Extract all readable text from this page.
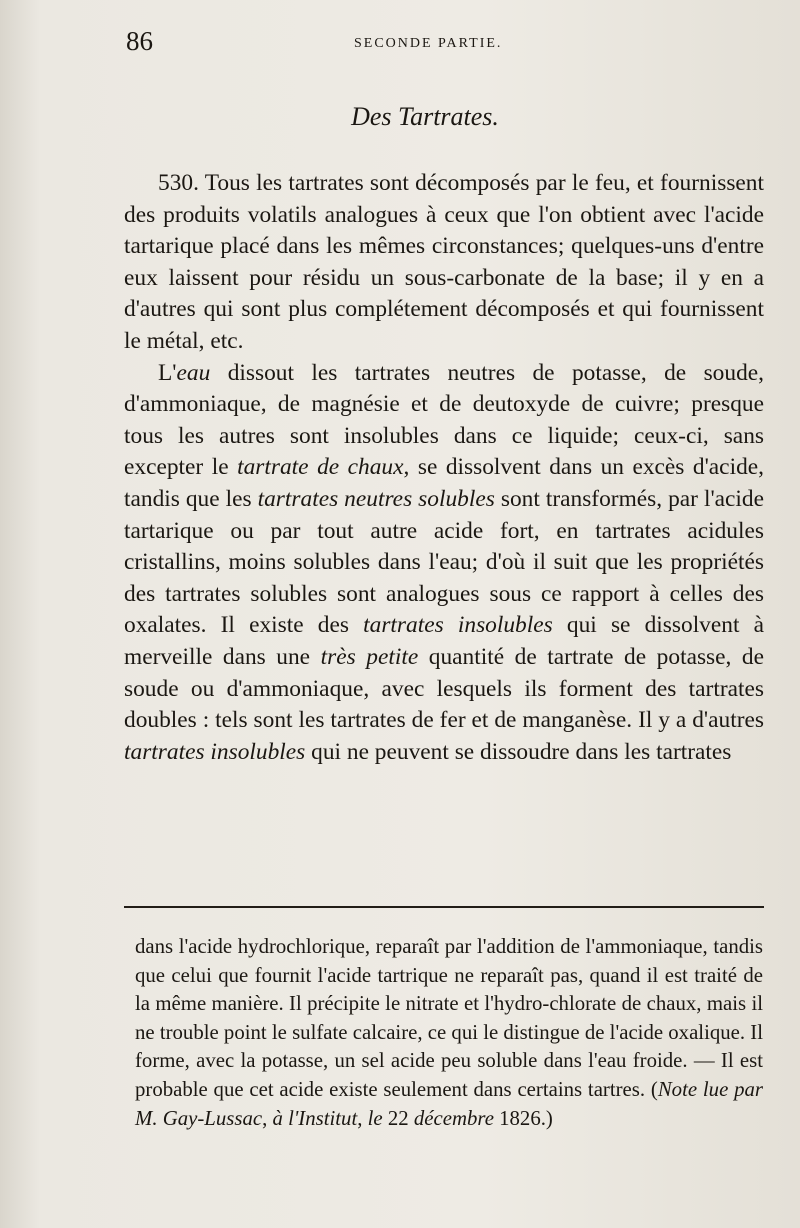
86	SECONDE PARTIE.
Des Tartrates.

530. Tous les tartrates sont décomposés par le feu, et fournissent des produits volatils analogues à ceux que l'on obtient avec l'acide tartarique placé dans les mêmes circonstances; quelques-uns d'entre eux laissent pour résidu un sous-carbonate de la base; il y en a d'autres qui sont plus complétement décomposés et qui fournissent le métal, etc.

L'eau dissout les tartrates neutres de potasse, de soude, d'ammoniaque, de magnésie et de deutoxyde de cuivre; presque tous les autres sont insolubles dans ce liquide; ceux-ci, sans excepter le tartrate de chaux, se dissolvent dans un excès d'acide, tandis que les tartrates neutres solubles sont transformés, par l'acide tartarique ou par tout autre acide fort, en tartrates acidules cristallins, moins solubles dans l'eau; d'où il suit que les propriétés des tartrates solubles sont analogues sous ce rapport à celles des oxalates. Il existe des tartrates insolubles qui se dissolvent à merveille dans une très petite quantité de tartrate de potasse, de soude ou d'ammoniaque, avec lesquels ils forment des tartrates doubles : tels sont les tartrates de fer et de manganèse. Il y a d'autres tartrates insolubles qui ne peuvent se dissoudre dans les tartrates

dans l'acide hydrochlorique, reparaît par l'addition de l'ammoniaque, tandis que celui que fournit l'acide tartrique ne reparaît pas, quand il est traité de la même manière. Il précipite le nitrate et l'hydro-chlorate de chaux, mais il ne trouble point le sulfate calcaire, ce qui le distingue de l'acide oxalique. Il forme, avec la potasse, un sel acide peu soluble dans l'eau froide. — Il est probable que cet acide existe seulement dans certains tartres. (Note lue par M. Gay-Lussac, à l'Institut, le 22 décembre 1826.)
